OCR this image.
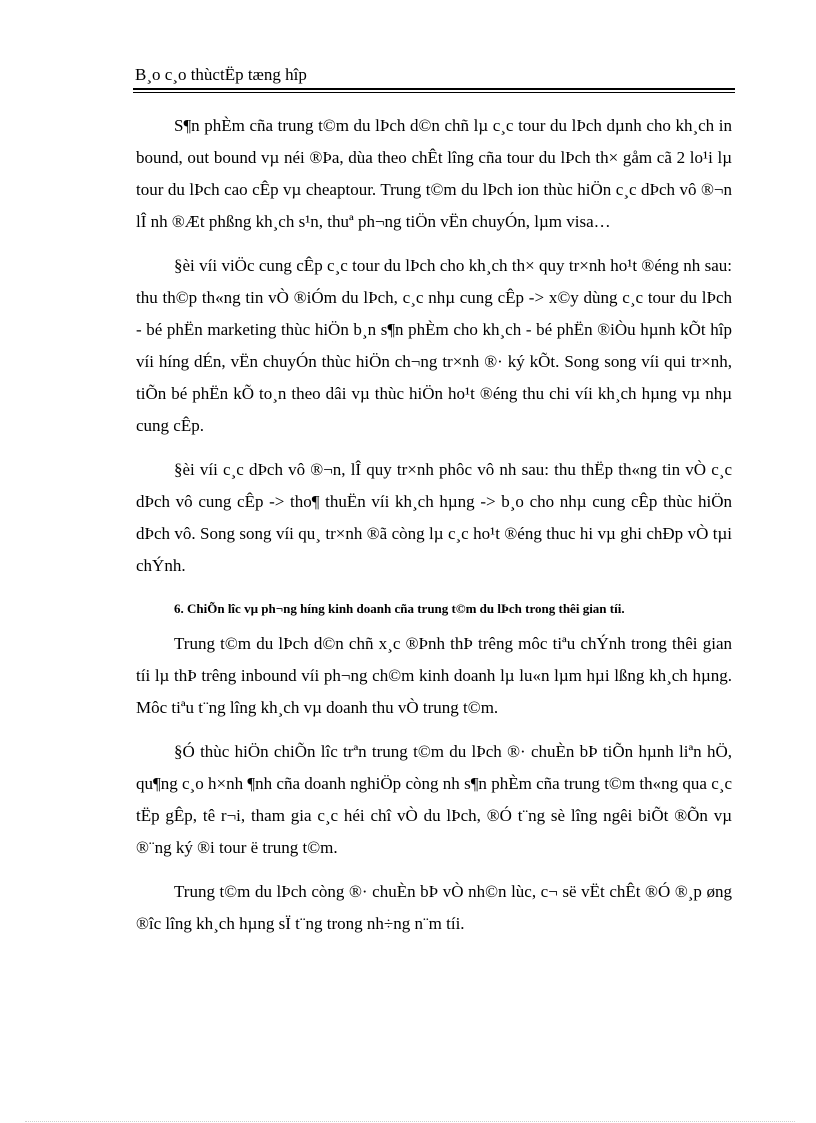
B¸o c¸o thùctËp tæng hîp

S¶n phÈm cña trung t©m du lÞch d©n chñ lµ c¸c tour du lÞch dµnh cho kh¸ch in bound, out bound vµ néi ®Þa, dùa theo chÊt lîng cña tour du lÞch th× gåm cã 2 lo¹i lµ tour du lÞch cao cÊp vµ cheaptour. Trung t©m du lÞch ion thùc hiÖn c¸c dÞch vô ®¬n lÎ nh ®Æt phßng kh¸ch s¹n, thuª ph¬ng tiÖn vËn chuyÓn, lµm visa…

§èi víi viÖc cung cÊp c¸c tour du lÞch cho kh¸ch th× quy tr×nh ho¹t ®éng nh sau: thu th©p th«ng tin vÒ ®iÓm du lÞch, c¸c nhµ cung cÊp -> x©y dùng c¸c tour du lÞch - bé phËn marketing thùc hiÖn b¸n s¶n phÈm cho kh¸ch - bé phËn ®iÒu hµnh kÕt hîp víi híng dÉn, vËn chuyÓn thùc hiÖn ch¬ng tr×nh ®· ký kÕt. Song song víi qui tr×nh, tiÕn bé phËn kÕ to¸n theo dâi vµ thùc hiÖn ho¹t ®éng thu chi víi kh¸ch hµng vµ nhµ cung cÊp.

§èi víi c¸c dÞch vô ®¬n, lÎ quy tr×nh phôc vô nh sau: thu thËp th«ng tin vÒ c¸c dÞch vô cung cÊp -> tho¶ thuËn víi kh¸ch hµng -> b¸o cho nhµ cung cÊp thùc hiÖn dÞch vô. Song song víi qu¸ tr×nh ®ã còng lµ c¸c ho¹t ®éng thuc hi vµ ghi chÐp vÒ tµi chÝnh.

6. ChiÕn lîc vµ ph¬ng híng kinh doanh cña trung t©m du lÞch trong thêi gian tíi.

Trung t©m du lÞch d©n chñ x¸c ®Þnh thÞ trêng môc tiªu chÝnh trong thêi gian tíi lµ thÞ trêng inbound víi ph¬ng ch©m kinh doanh lµ lu«n lµm hµi lßng kh¸ch hµng. Môc tiªu t¨ng lîng kh¸ch vµ doanh thu vÒ trung t©m.

§Ó thùc hiÖn chiÕn lîc trªn trung t©m du lÞch ®· chuÈn bÞ tiÕn hµnh liªn hÖ, qu¶ng c¸o h×nh ¶nh cña doanh nghiÖp còng nh s¶n phÈm cña trung t©m th«ng qua c¸c tËp gÊp, tê r¬i, tham gia c¸c héi chî vÒ du lÞch, ®Ó t¨ng sè lîng ngêi biÕt ®Õn vµ ®¨ng ký ®i tour ë trung t©m.

Trung t©m du lÞch còng ®· chuÈn bÞ vÒ nh©n lùc, c¬ së vËt chÊt ®Ó ®¸p øng ®îc lîng kh¸ch hµng sÏ t¨ng trong nh÷ng n¨m tíi.
